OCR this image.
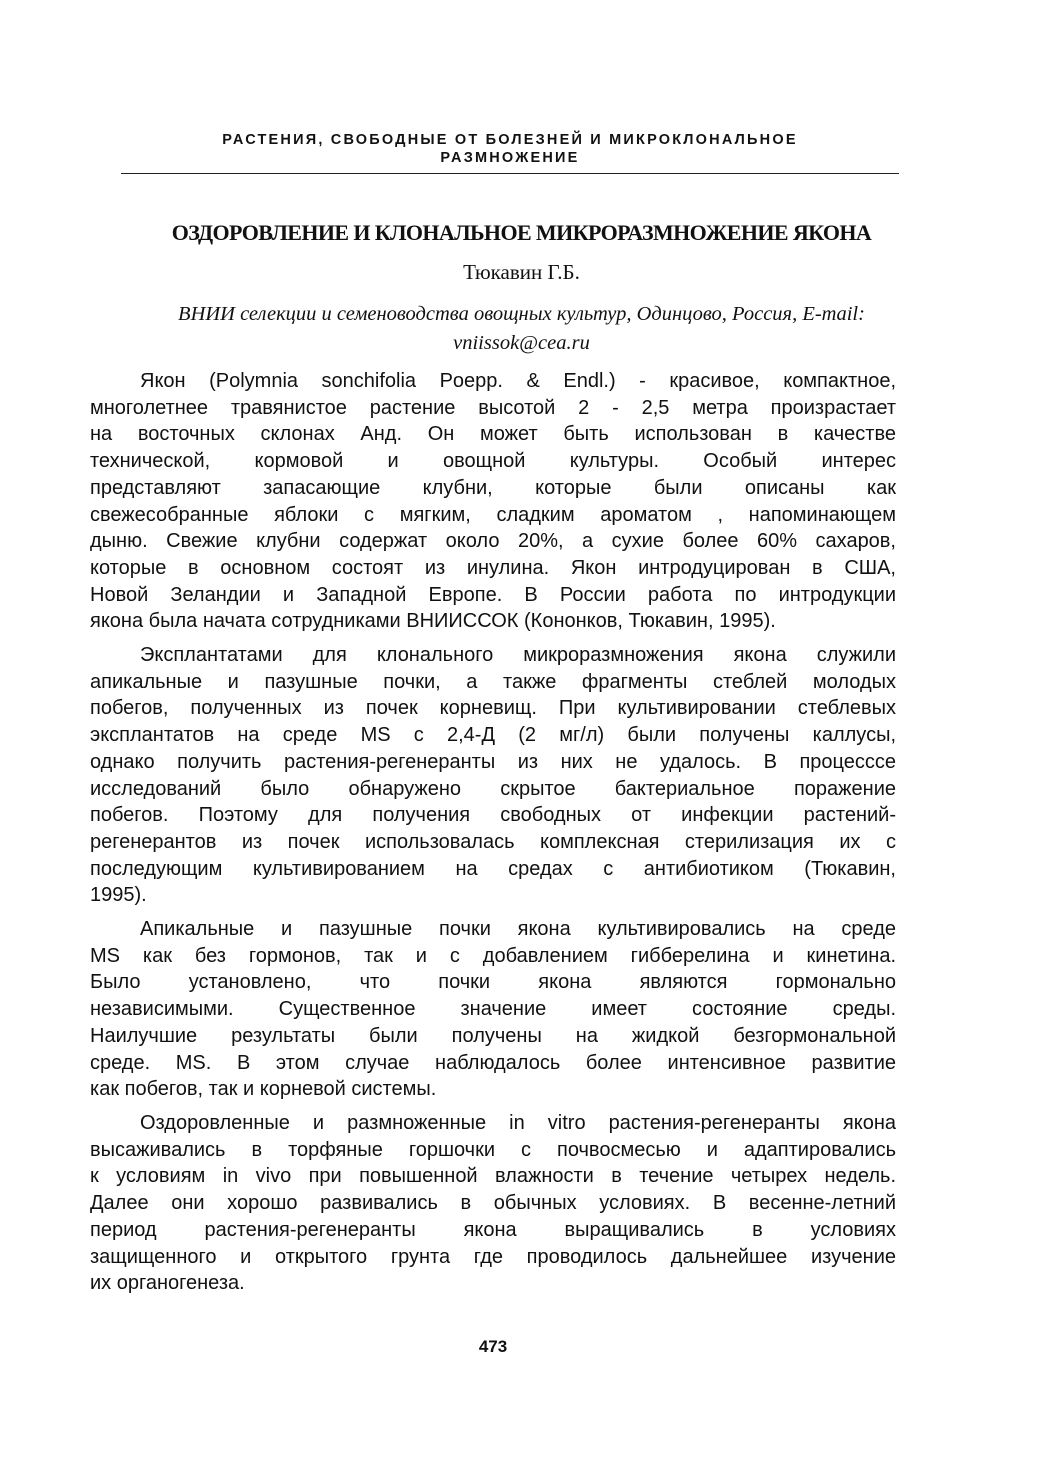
РАСТЕНИЯ, СВОБОДНЫЕ ОТ БОЛЕЗНЕЙ И МИКРОКЛОНАЛЬНОЕ
РАЗМНОЖЕНИЕ
ОЗДОРОВЛЕНИЕ И КЛОНАЛЬНОЕ МИКРОРАЗМНОЖЕНИЕ ЯКОНА
Тюкавин Г.Б.
ВНИИ селекции и семеноводства овощных культур, Одинцово, Россия, E-mail:
vniissok@cea.ru

Якон (Polymnia sonchifolia Poepp. & Endl.) - красивое, компактное,
многолетнее травянистое растение высотой 2 - 2,5 метра произрастает
на восточных склонах Анд. Он может быть использован в качестве
технической, кормовой и овощной культуры. Особый интерес
представляют запасающие клубни, которые были описаны как
свежесобранные яблоки с мягким, сладким ароматом , напоминающем
дыню. Свежие клубни содержат около 20%, а сухие более 60% сахаров,
которые в основном состоят из инулина. Якон интродуцирован в США,
Новой Зеландии и Западной Европе. В России работа по интродукции
якона была начата сотрудниками ВНИИССОК (Кононков, Тюкавин, 1995).

Эксплантатами для клонального микроразмножения якона служили
апикальные и пазушные почки, а также фрагменты стеблей молодых
побегов, полученных из почек корневищ. При культивировании стеблевых
эксплантатов на среде MS с 2,4-Д (2 мг/л) были получены каллусы,
однако получить растения-регенеранты из них не удалось. В процесссе
исследований было обнаружено скрытое бактериальное поражение
побегов. Поэтому для получения свободных от инфекции растений-
регенерантов из почек использовалась комплексная стерилизация их с
последующим культивированием на средах с антибиотиком (Тюкавин,
1995).

Апикальные и пазушные почки якона культивировались на среде
MS как без гормонов, так и с добавлением гибберелина и кинетина.
Было установлено, что почки якона являются гормонально
независимыми. Существенное значение имеет состояние среды.
Наилучшие результаты были получены на жидкой безгормональной
среде. MS. В этом случае наблюдалось более интенсивное развитие
как побегов, так и корневой системы.

Оздоровленные и размноженные in vitro растения-регенеранты якона
высаживались в торфяные горшочки с почвосмесью и адаптировались
к условиям in vivo при повышенной влажности в течение четырех недель.
Далее они хорошо развивались в обычных условиях. В весенне-летний
период растения-регенеранты якона выращивались в условиях
защищенного и открытого грунта где проводилось дальнейшее изучение
их органогенеза.

473
